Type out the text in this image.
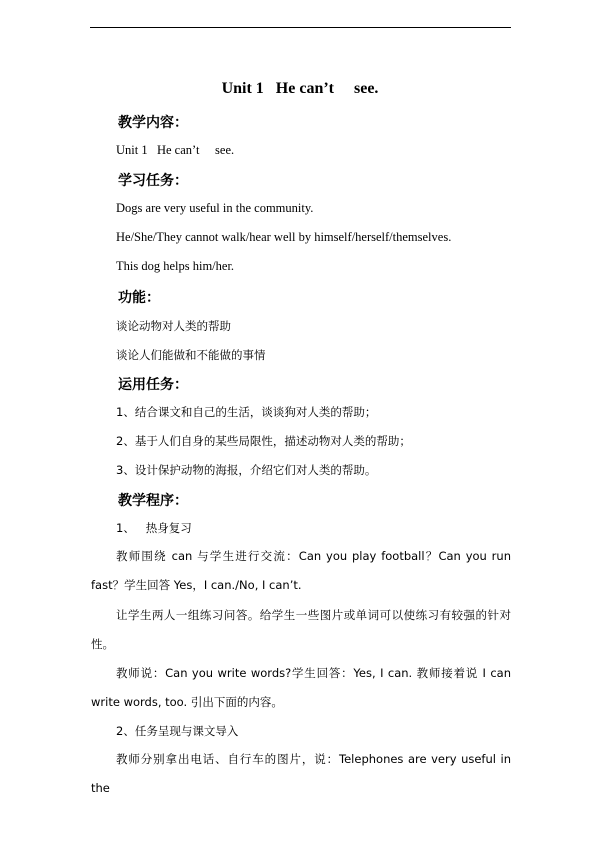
Unit 1   He can’t     see.
教学内容：
Unit 1   He can’t     see.
学习任务：
Dogs are very useful in the community.
He/She/They cannot walk/hear well by himself/herself/themselves.
This dog helps him/her.
功能：
谈论动物对人类的帮助
谈论人们能做和不能做的事情
运用任务：
1、结合课文和自己的生活，谈谈狗对人类的帮助；
2、基于人们自身的某些局限性，描述动物对人类的帮助；
3、设计保护动物的海报，介绍它们对人类的帮助。
教学程序：
1、   热身复习
教师围绕 can 与学生进行交流：Can you play football？Can you run fast？学生回答 Yes，I can./No, I can’t.
让学生两人一组练习问答。给学生一些图片或单词可以使练习有较强的针对性。
教师说：Can you write words?学生回答：Yes, I can. 教师接着说 I can write words, too. 引出下面的内容。
2、任务呈现与课文导入
教师分别拿出电话、自行车的图片，说：Telephones are very useful in the
